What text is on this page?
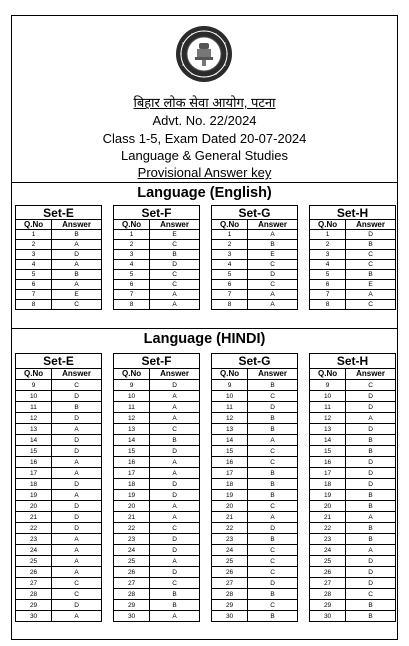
बिहार लोक सेवा आयोग, पटना
Advt. No. 22/2024
Class 1-5, Exam Dated 20-07-2024
Language & General Studies
Provisional Answer key
Language (English)
Set-E	
Q.No	Answer
1	B
2	A
3	D
4	A
5	B
6	A
7	E
8	C
Set-F	
Q.No	Answer
1	E
2	C
3	B
4	D
5	C
6	C
7	A
8	A
Set-G	
Q.No	Answer
1	A
2	B
3	E
4	C
5	D
6	C
7	A
8	A
Set-H	
Q.No	Answer
1	D
2	B
3	C
4	C
5	B
6	E
7	A
8	C
Language (HINDI)
Set-E	
Q.No	Answer
9	C
10	D
11	B
12	D
13	A
14	D
15	D
16	A
17	A
18	D
19	A
20	D
21	D
22	D
23	A
24	A
25	A
26	A
27	C
28	C
29	D
30	A
Set-F	
Q.No	Answer
9	D
10	A
11	A
12	A
13	C
14	B
15	D
16	A
17	A
18	D
19	D
20	A
21	A
22	C
23	D
24	D
25	A
26	D
27	C
28	B
29	B
30	A
Set-G	
Q.No	Answer
9	B
10	C
11	D
12	B
13	B
14	A
15	C
16	C
17	B
18	B
19	B
20	C
21	A
22	D
23	B
24	C
25	C
26	C
27	D
28	B
29	C
30	B
Set-H	
Q.No	Answer
9	C
10	D
11	D
12	A
13	D
14	B
15	B
16	D
17	D
18	D
19	B
20	B
21	A
22	B
23	B
24	A
25	D
26	D
27	D
28	C
29	B
30	B
